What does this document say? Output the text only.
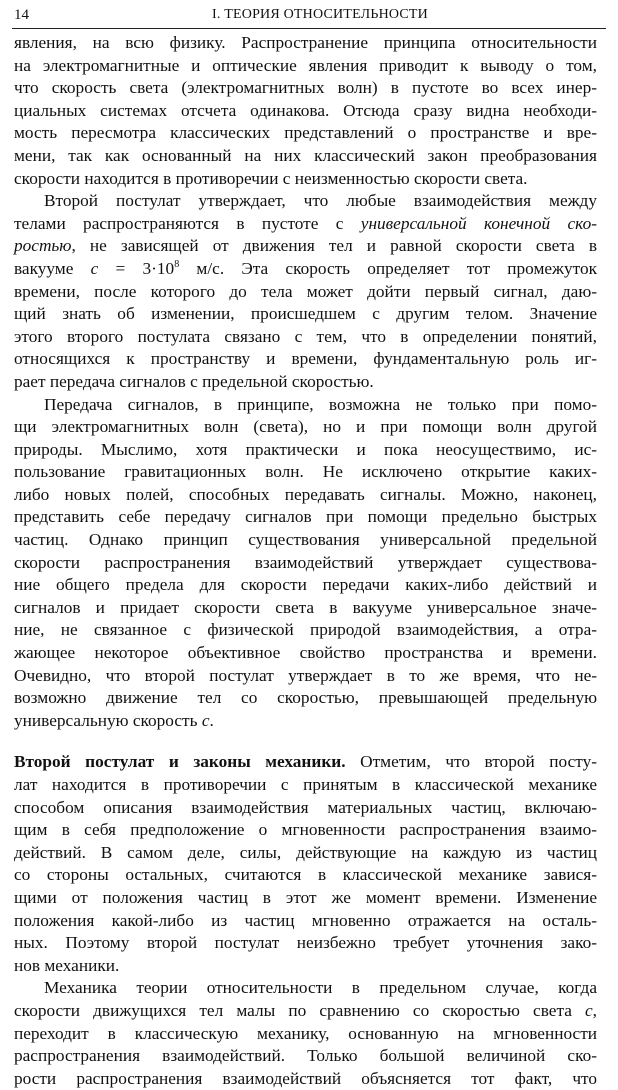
14	I. ТЕОРИЯ ОТНОСИТЕЛЬНОСТИ
явления, на всю физику. Распространение принципа относительности
на электромагнитные и оптические явления приводит к выводу о том,
что скорость света (электромагнитных волн) в пустоте во всех инер-
циальных системах отсчета одинакова. Отсюда сразу видна необходи-
мость пересмотра классических представлений о пространстве и вре-
мени, так как основанный на них классический закон преобразования
скорости находится в противоречии с неизменностью скорости света.
Второй постулат утверждает, что любые взаимодействия между
телами распространяются в пустоте с универсальной конечной ско-
ростью, не зависящей от движения тел и равной скорости света в
вакууме $c = 3\cdot 10^8$ м/с. Эта скорость определяет тот промежуток
времени, после которого до тела может дойти первый сигнал, даю-
щий знать об изменении, происшедшем с другим телом. Значение
этого второго постулата связано с тем, что в определении понятий,
относящихся к пространству и времени, фундаментальную роль иг-
рает передача сигналов с предельной скоростью.
Передача сигналов, в принципе, возможна не только при помо-
щи электромагнитных волн (света), но и при помощи волн другой
природы. Мыслимо, хотя практически и пока неосуществимо, ис-
пользование гравитационных волн. Не исключено открытие каких-
либо новых полей, способных передавать сигналы. Можно, наконец,
представить себе передачу сигналов при помощи предельно быстрых
частиц. Однако принцип существования универсальной предельной
скорости распространения взаимодействий утверждает существова-
ние общего предела для скорости передачи каких-либо действий и
сигналов и придает скорости света в вакууме универсальное значе-
ние, не связанное с физической природой взаимодействия, а отра-
жающее некоторое объективное свойство пространства и времени.
Очевидно, что второй постулат утверждает в то же время, что не-
возможно движение тел со скоростью, превышающей предельную
универсальную скорость c.
Второй постулат и законы механики. Отметим, что второй посту-
лат находится в противоречии с принятым в классической механике
способом описания взаимодействия материальных частиц, включаю-
щим в себя предположение о мгновенности распространения взаимо-
действий. В самом деле, силы, действующие на каждую из частиц
со стороны остальных, считаются в классической механике завися-
щими от положения частиц в этот же момент времени. Изменение
положения какой-либо из частиц мгновенно отражается на осталь-
ных. Поэтому второй постулат неизбежно требует уточнения зако-
нов механики.
Механика теории относительности в предельном случае, когда
скорости движущихся тел малы по сравнению со скоростью света c,
переходит в классическую механику, основанную на мгновенности
распространения взаимодействий. Только большой величиной ско-
рости распространения взаимодействий объясняется тот факт, что
